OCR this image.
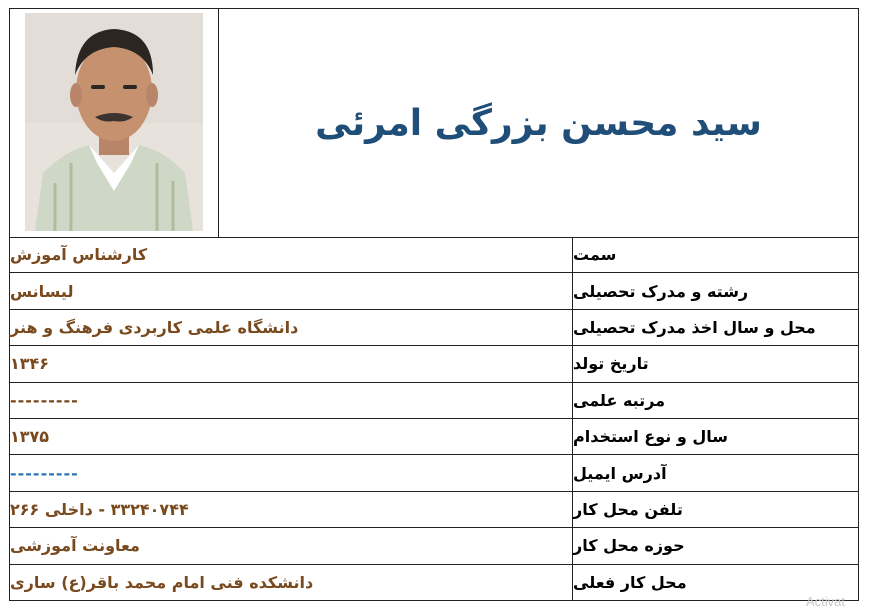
سید محسن بزرگی امرئی
سمت
کارشناس آموزش
رشته و مدرک تحصیلی
لیسانس
محل و سال اخذ مدرک تحصیلی
دانشگاه علمی کاربردی فرهنگ و هنر
تاریخ تولد
۱۳۴۶
مرتبه علمی
---------
سال و نوع استخدام
۱۳۷۵
آدرس ایمیل
---------
تلفن محل کار
۳۳۲۴۰۷۴۴ - داخلی ۲۶۶
حوزه محل کار
معاونت آموزشی
محل کار فعلی
دانشکده فنی امام محمد باقر(ع) ساری
Activat
